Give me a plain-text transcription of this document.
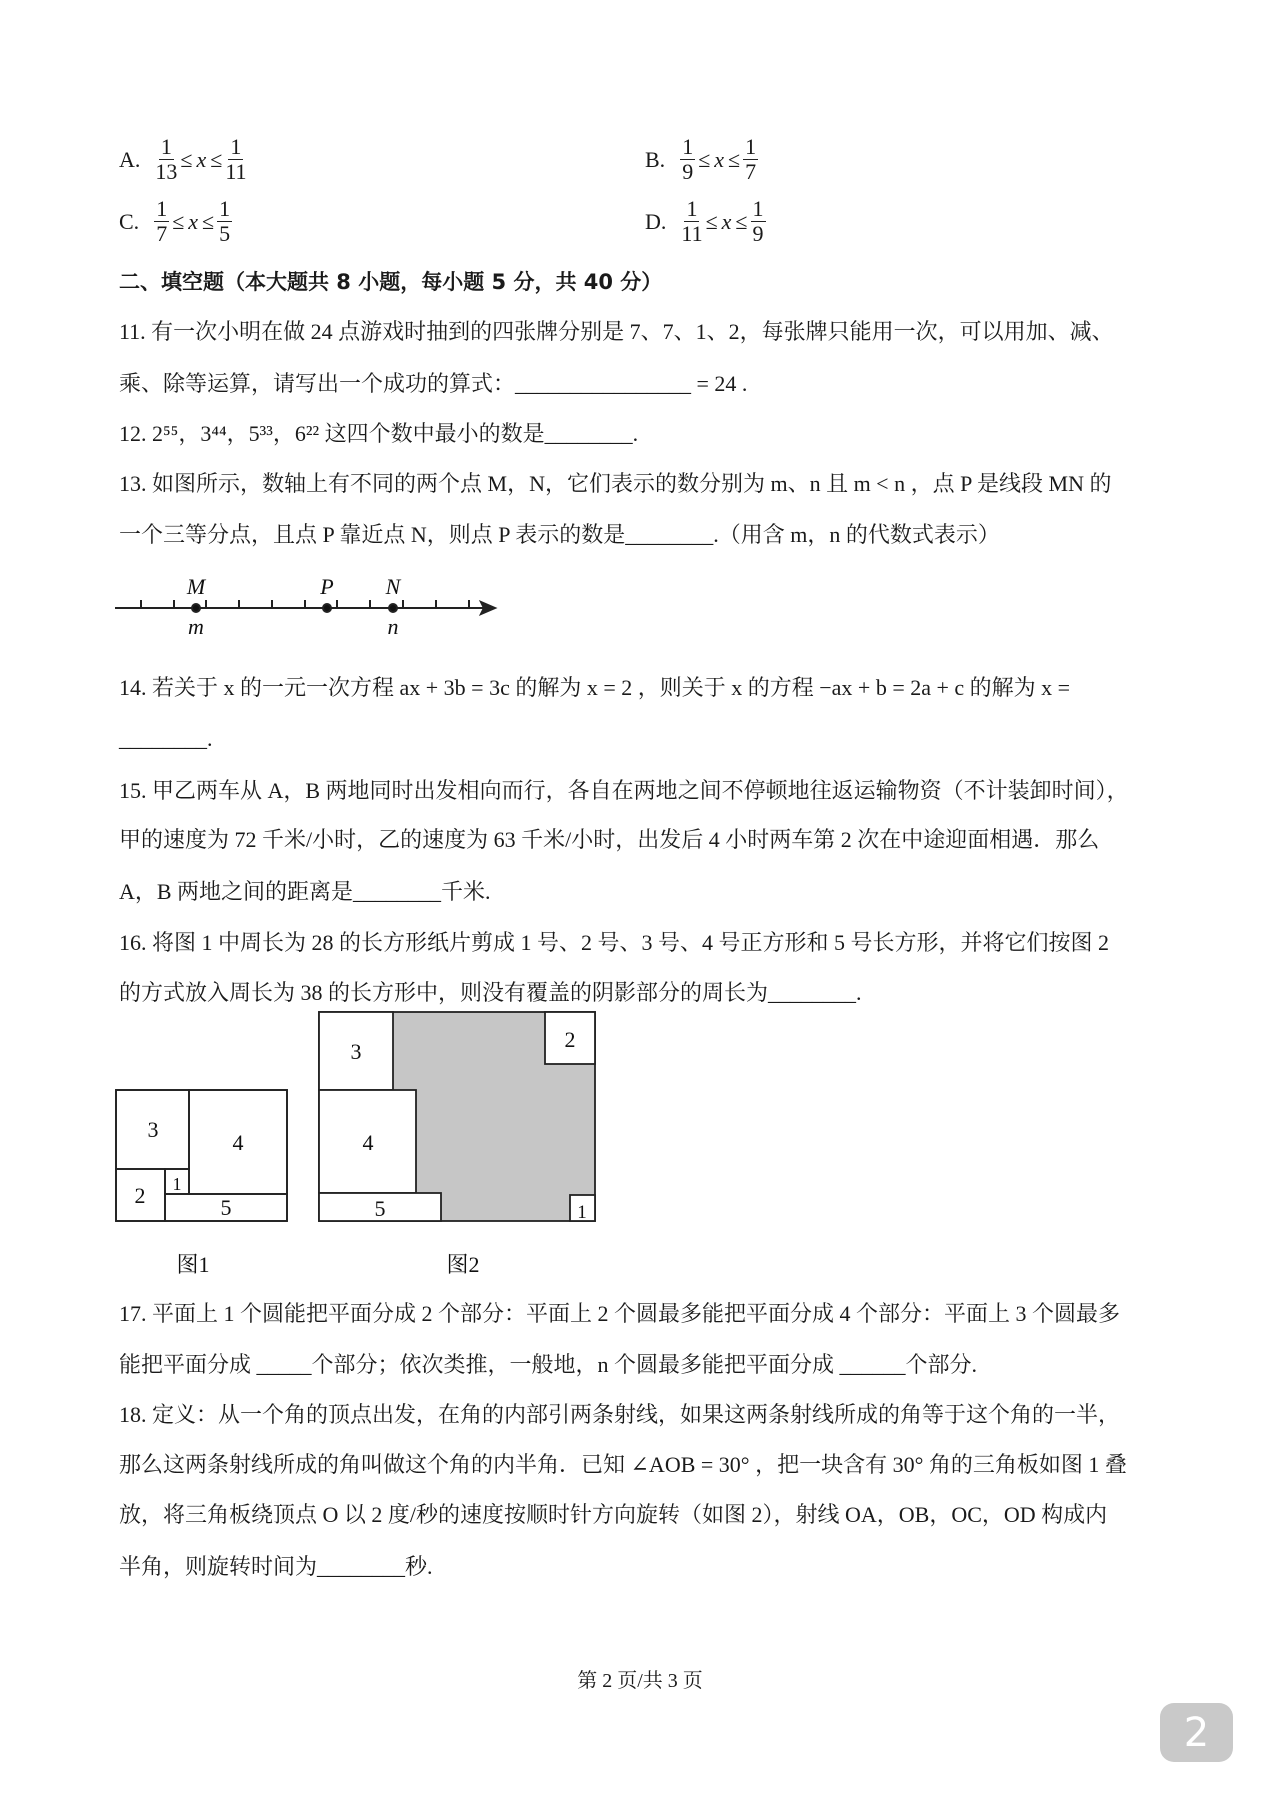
A. $\frac{1}{13} \le x \le \frac{1}{11}$	B. $\frac{1}{9} \le x \le \frac{1}{7}$
C. $\frac{1}{7} \le x \le \frac{1}{5}$	D. $\frac{1}{11} \le x \le \frac{1}{9}$
二、填空题（本大题共 8 小题，每小题 5 分，共 40 分）
11. 有一次小明在做 24 点游戏时抽到的四张牌分别是 7、7、1、2，每张牌只能用一次，可以用加、减、
乘、除等运算，请写出一个成功的算式：________________ = 24 .
12. 2⁵⁵，3⁴⁴，5³³，6²² 这四个数中最小的数是________.
13. 如图所示，数轴上有不同的两个点 M，N，它们表示的数分别为 m、n 且 m < n ，点 P 是线段 MN 的
一个三等分点，且点 P 靠近点 N，则点 P 表示的数是________.（用含 m，n 的代数式表示）
14. 若关于 x 的一元一次方程 ax + 3b = 3c 的解为 x = 2 ，则关于 x 的方程 −ax + b = 2a + c 的解为 x =
________.
15. 甲乙两车从 A，B 两地同时出发相向而行，各自在两地之间不停顿地往返运输物资（不计装卸时间），
甲的速度为 72 千米/小时，乙的速度为 63 千米/小时，出发后 4 小时两车第 2 次在中途迎面相遇．那么
A，B 两地之间的距离是________千米.
16. 将图 1 中周长为 28 的长方形纸片剪成 1 号、2 号、3 号、4 号正方形和 5 号长方形，并将它们按图 2
的方式放入周长为 38 的长方形中，则没有覆盖的阴影部分的周长为________.
17. 平面上 1 个圆能把平面分成 2 个部分：平面上 2 个圆最多能把平面分成 4 个部分：平面上 3 个圆最多
能把平面分成 _____个部分；依次类推，一般地，n 个圆最多能把平面分成 ______个部分.
18. 定义：从一个角的顶点出发，在角的内部引两条射线，如果这两条射线所成的角等于这个角的一半，
那么这两条射线所成的角叫做这个角的内半角．已知 ∠AOB = 30° ，把一块含有 30° 角的三角板如图 1 叠
放，将三角板绕顶点 O 以 2 度/秒的速度按顺时针方向旋转（如图 2），射线 OA，OB，OC，OD 构成内
半角，则旋转时间为________秒.
M	P N
m	n
3
4
2 1
5
图1
3
4
5
2
1
图2
第 2 页/共 3 页
2
